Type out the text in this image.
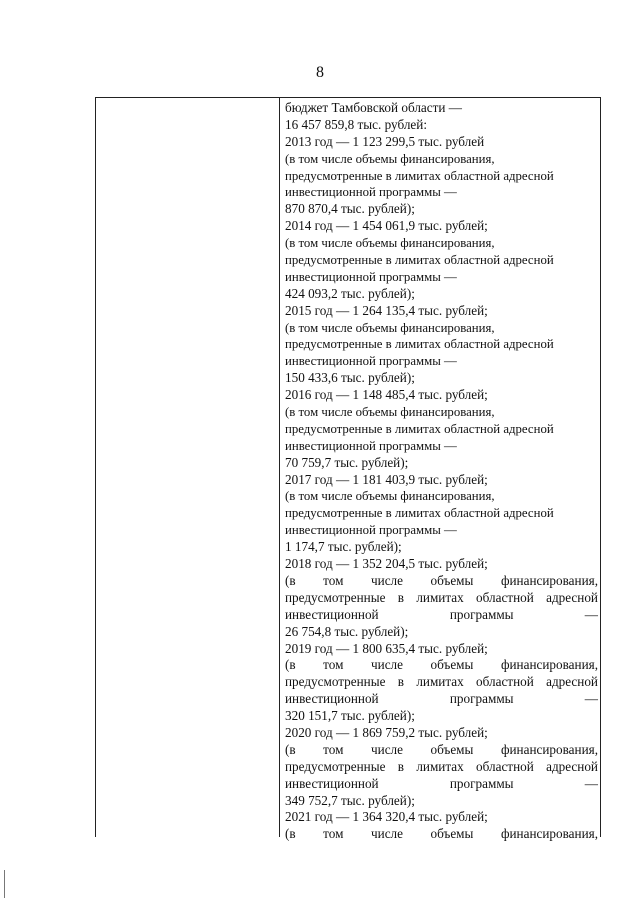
8
бюджет Тамбовской области —
16 457 859,8 тыс. рублей:
2013 год — 1 123 299,5 тыс. рублей
(в том числе объемы финансирования,
предусмотренные в лимитах областной адресной
инвестиционной программы —
870 870,4 тыс. рублей);
2014 год — 1 454 061,9 тыс. рублей;
(в том числе объемы финансирования,
предусмотренные в лимитах областной адресной
инвестиционной программы —
424 093,2 тыс. рублей);
2015 год — 1 264 135,4 тыс. рублей;
(в том числе объемы финансирования,
предусмотренные в лимитах областной адресной
инвестиционной программы —
150 433,6 тыс. рублей);
2016 год — 1 148 485,4 тыс. рублей;
(в том числе объемы финансирования,
предусмотренные в лимитах областной адресной
инвестиционной программы —
70 759,7 тыс. рублей);
2017 год — 1 181 403,9 тыс. рублей;
(в том числе объемы финансирования,
предусмотренные в лимитах областной адресной
инвестиционной программы —
1 174,7 тыс. рублей);
2018 год — 1 352 204,5 тыс. рублей;
(в том числе объемы финансирования,
предусмотренные в лимитах областной адресной
инвестиционной	программы	—
26 754,8 тыс. рублей);
2019 год — 1 800 635,4 тыс. рублей;
(в том числе объемы финансирования,
предусмотренные в лимитах областной адресной
инвестиционной	программы	—
320 151,7 тыс. рублей);
2020 год — 1 869 759,2 тыс. рублей;
(в том числе объемы финансирования,
предусмотренные в лимитах областной адресной
инвестиционной	программы	—
349 752,7 тыс. рублей);
2021 год — 1 364 320,4 тыс. рублей;
(в том числе объемы финансирования,
